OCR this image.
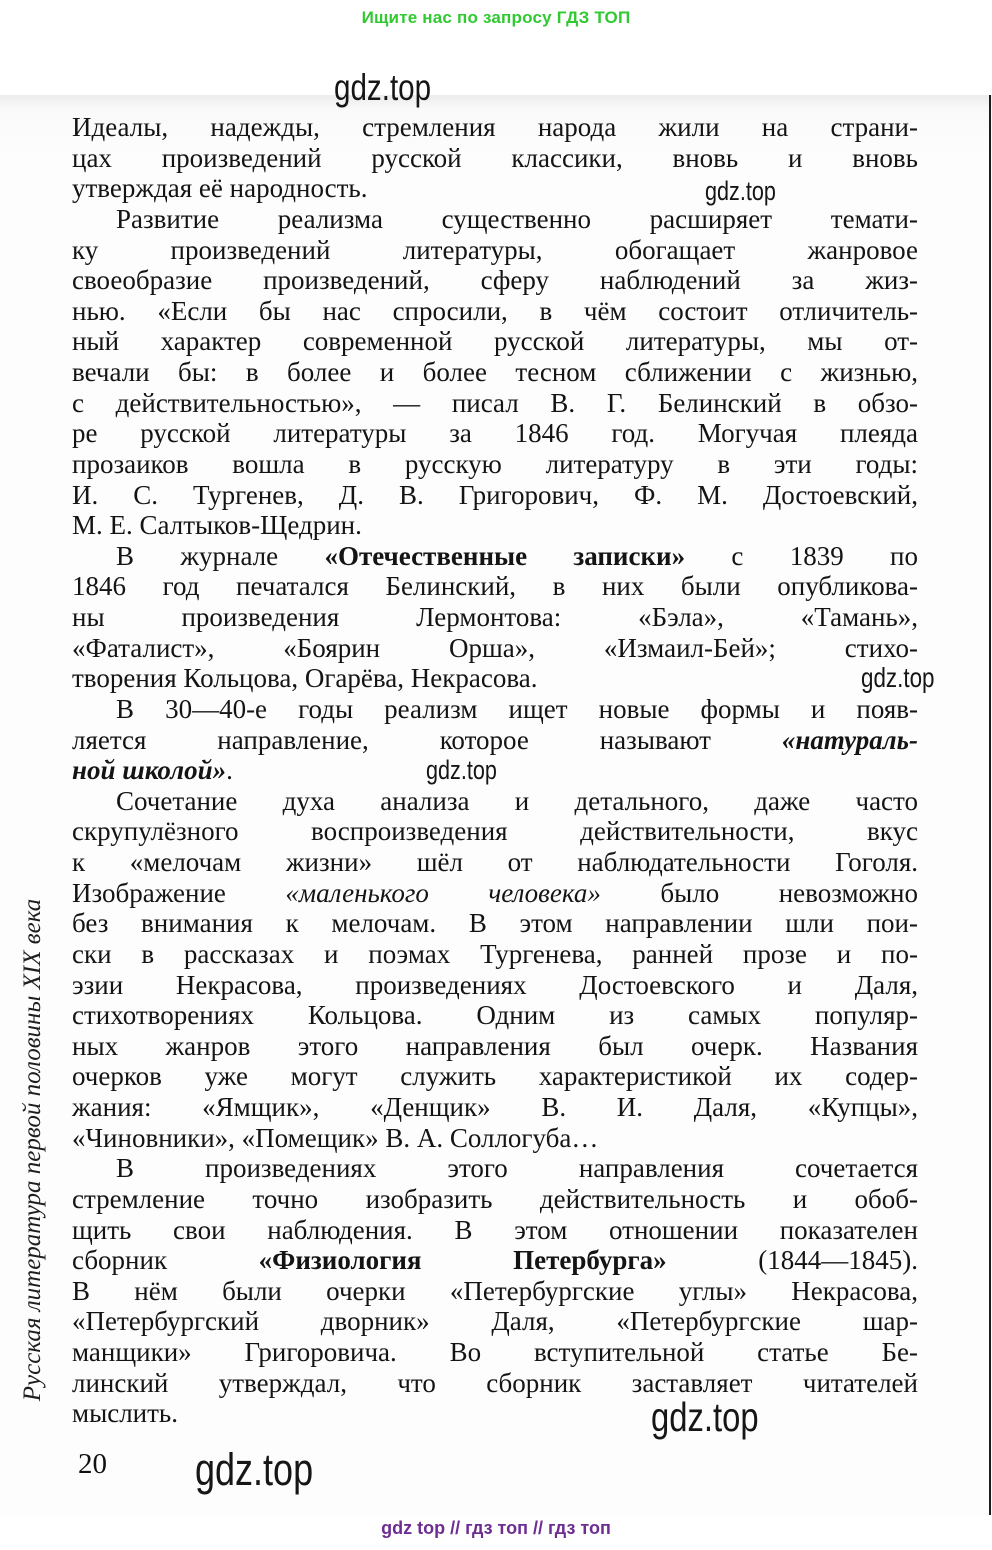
Ищите нас по запросу ГДЗ ТОП
gdz.top
gdz.top
gdz.top
gdz.top
gdz.top
gdz.top
Идеалы, надежды, стремления народа жили на страни-
цах произведений русской классики, вновь и вновь
утверждая её народность.
Развитие реализма существенно расширяет темати-
ку произведений литературы, обогащает жанровое
своеобразие произведений, сферу наблюдений за жиз-
нью. «Если бы нас спросили, в чём состоит отличитель-
ный характер современной русской литературы, мы от-
вечали бы: в более и более тесном сближении с жизнью,
с действительностью», — писал В. Г. Белинский в обзо-
ре русской литературы за 1846 год. Могучая плеяда
прозаиков вошла в русскую литературу в эти годы:
И. С. Тургенев, Д. В. Григорович, Ф. М. Достоевский,
М. Е. Салтыков-Щедрин.
В журнале «Отечественные записки» с 1839 по
1846 год печатался Белинский, в них были опубликова-
ны произведения Лермонтова: «Бэла», «Тамань»,
«Фаталист», «Боярин Орша», «Измаил-Бей»; стихо-
творения Кольцова, Огарёва, Некрасова.
В 30—40-е годы реализм ищет новые формы и появ-
ляется направление, которое называют «натураль-
ной школой».
Сочетание духа анализа и детального, даже часто
скрупулёзного воспроизведения действительности, вкус
к «мелочам жизни» шёл от наблюдательности Гоголя.
Изображение «маленького человека» было невозможно
без внимания к мелочам. В этом направлении шли пои-
ски в рассказах и поэмах Тургенева, ранней прозе и по-
эзии Некрасова, произведениях Достоевского и Даля,
стихотворениях Кольцова. Одним из самых популяр-
ных жанров этого направления был очерк. Названия
очерков уже могут служить характеристикой их содер-
жания: «Ямщик», «Денщик» В. И. Даля, «Купцы»,
«Чиновники», «Помещик» В. А. Соллогуба…
В произведениях этого направления сочетается
стремление точно изобразить действительность и обоб-
щить свои наблюдения. В этом отношении показателен
сборник «Физиология Петербурга» (1844—1845).
В нём были очерки «Петербургские углы» Некрасова,
«Петербургский дворник» Даля, «Петербургские шар-
манщики» Григоровича. Во вступительной статье Бе-
линский утверждал, что сборник заставляет читателей
мыслить.
Русская литература первой половины XIX века
20
gdz top // гдз топ // гдз топ
